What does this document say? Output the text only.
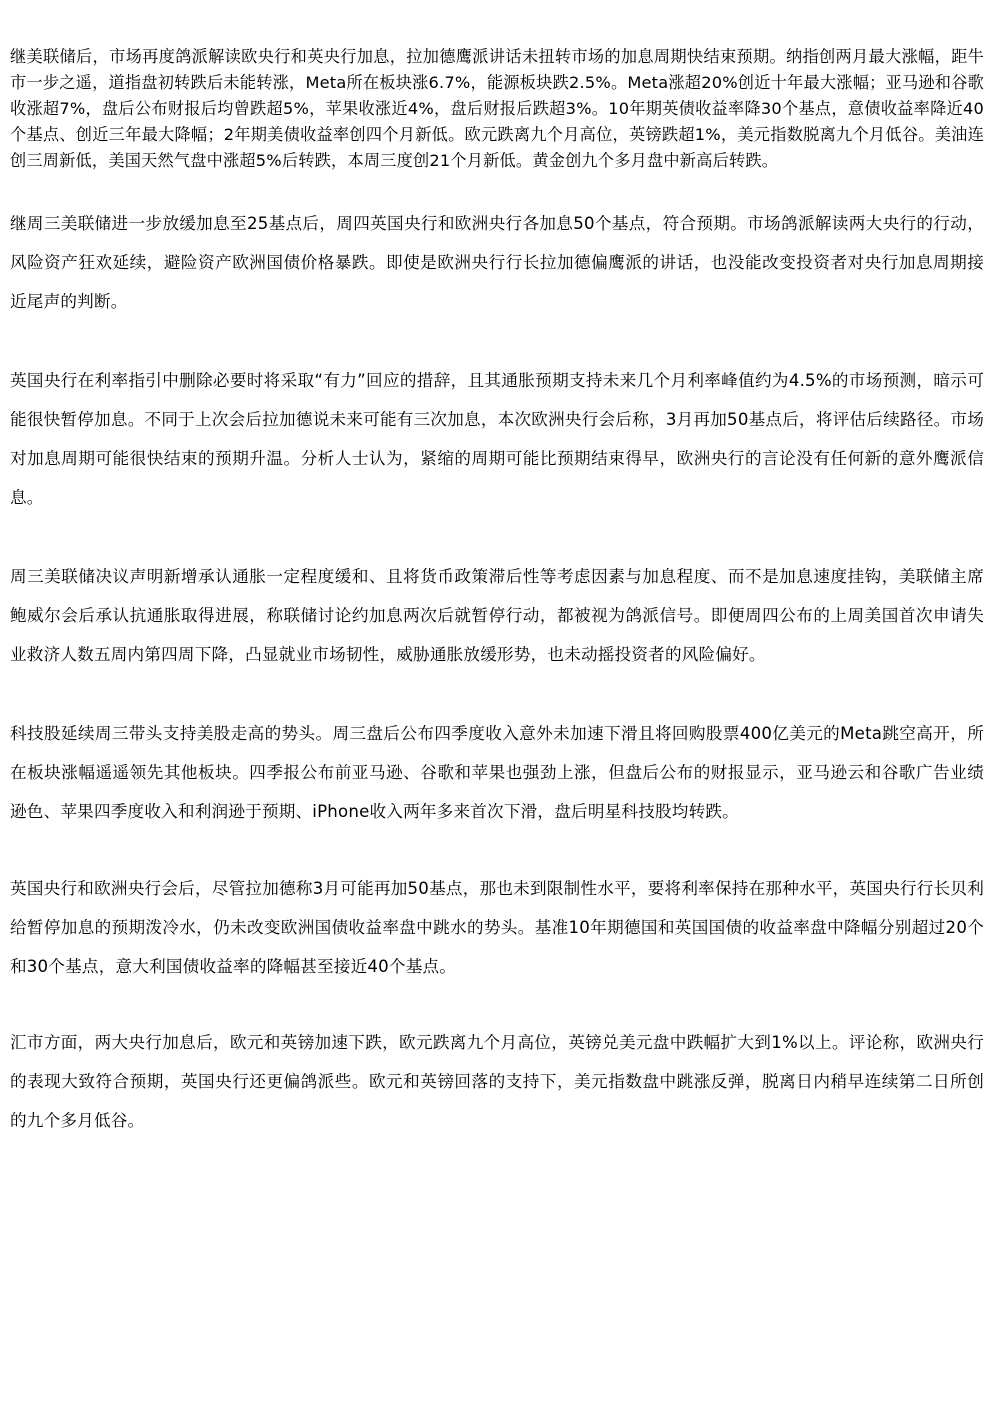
继美联储后，市场再度鸽派解读欧央行和英央行加息，拉加德鹰派讲话未扭转市场的加息周期快结束预期。纳指创两月最大涨幅，距牛市一步之遥，道指盘初转跌后未能转涨，Meta所在板块涨6.7%，能源板块跌2.5%。Meta涨超20%创近十年最大涨幅；亚马逊和谷歌收涨超7%，盘后公布财报后均曾跌超5%，苹果收涨近4%，盘后财报后跌超3%。10年期英债收益率降30个基点，意债收益率降近40个基点、创近三年最大降幅；2年期美债收益率创四个月新低。欧元跌离九个月高位，英镑跌超1%，美元指数脱离九个月低谷。美油连创三周新低，美国天然气盘中涨超5%后转跌，本周三度创21个月新低。黄金创九个多月盘中新高后转跌。

继周三美联储进一步放缓加息至25基点后，周四英国央行和欧洲央行各加息50个基点，符合预期。市场鸽派解读两大央行的行动，风险资产狂欢延续，避险资产欧洲国债价格暴跌。即使是欧洲央行行长拉加德偏鹰派的讲话，也没能改变投资者对央行加息周期接近尾声的判断。

英国央行在利率指引中删除必要时将采取“有力”回应的措辞，且其通胀预期支持未来几个月利率峰值约为4.5%的市场预测，暗示可能很快暂停加息。不同于上次会后拉加德说未来可能有三次加息，本次欧洲央行会后称，3月再加50基点后，将评估后续路径。市场对加息周期可能很快结束的预期升温。分析人士认为，紧缩的周期可能比预期结束得早，欧洲央行的言论没有任何新的意外鹰派信息。

周三美联储决议声明新增承认通胀一定程度缓和、且将货币政策滞后性等考虑因素与加息程度、而不是加息速度挂钩，美联储主席鲍威尔会后承认抗通胀取得进展，称联储讨论约加息两次后就暂停行动，都被视为鸽派信号。即便周四公布的上周美国首次申请失业救济人数五周内第四周下降，凸显就业市场韧性，威胁通胀放缓形势，也未动摇投资者的风险偏好。

科技股延续周三带头支持美股走高的势头。周三盘后公布四季度收入意外未加速下滑且将回购股票400亿美元的Meta跳空高开，所在板块涨幅遥遥领先其他板块。四季报公布前亚马逊、谷歌和苹果也强劲上涨，但盘后公布的财报显示，亚马逊云和谷歌广告业绩逊色、苹果四季度收入和利润逊于预期、iPhone收入两年多来首次下滑，盘后明星科技股均转跌。

英国央行和欧洲央行会后，尽管拉加德称3月可能再加50基点，那也未到限制性水平，要将利率保持在那种水平，英国央行行长贝利给暂停加息的预期泼冷水，仍未改变欧洲国债收益率盘中跳水的势头。基准10年期德国和英国国债的收益率盘中降幅分别超过20个和30个基点，意大利国债收益率的降幅甚至接近40个基点。

汇市方面，两大央行加息后，欧元和英镑加速下跌，欧元跌离九个月高位，英镑兑美元盘中跌幅扩大到1%以上。评论称，欧洲央行的表现大致符合预期，英国央行还更偏鸽派些。欧元和英镑回落的支持下，美元指数盘中跳涨反弹，脱离日内稍早连续第二日所创的九个多月低谷。
